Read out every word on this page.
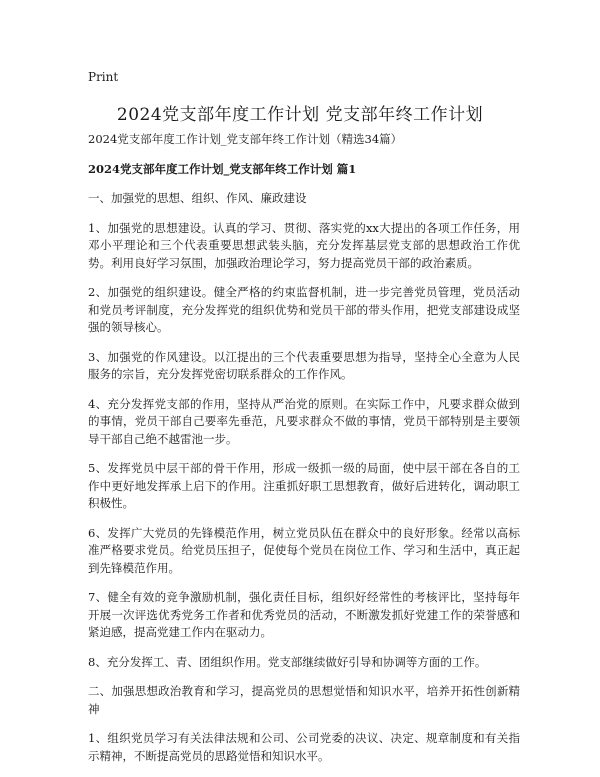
Print
2024党支部年度工作计划 党支部年终工作计划

2024党支部年度工作计划_党支部年终工作计划（精选34篇）

2024党支部年度工作计划_党支部年终工作计划 篇1

一、加强党的思想、组织、作风、廉政建设

1、加强党的思想建设。认真的学习、贯彻、落实党的xx大提出的各项工作任务，用邓小平理论和三个代表重要思想武装头脑，充分发挥基层党支部的思想政治工作优势。利用良好学习氛围，加强政治理论学习，努力提高党员干部的政治素质。

2、加强党的组织建设。健全严格的约束监督机制，进一步完善党员管理，党员活动和党员考评制度，充分发挥党的组织优势和党员干部的带头作用，把党支部建设成坚强的领导核心。

3、加强党的作风建设。以江提出的三个代表重要思想为指导，坚持全心全意为人民服务的宗旨，充分发挥党密切联系群众的工作作风。

4、充分发挥党支部的作用，坚持从严治党的原则。在实际工作中，凡要求群众做到的事情，党员干部自己要率先垂范，凡要求群众不做的事情，党员干部特别是主要领导干部自己绝不越雷池一步。

5、发挥党员中层干部的骨干作用，形成一级抓一级的局面，使中层干部在各自的工作中更好地发挥承上启下的作用。注重抓好职工思想教育，做好后进转化，调动职工积极性。

6、发挥广大党员的先锋模范作用，树立党员队伍在群众中的良好形象。经常以高标准严格要求党员。给党员压担子，促使每个党员在岗位工作、学习和生活中，真正起到先锋模范作用。

7、健全有效的竞争激励机制，强化责任目标，组织好经常性的考核评比，坚持每年开展一次评选优秀党务工作者和优秀党员的活动，不断激发抓好党建工作的荣誉感和紧迫感，提高党建工作内在驱动力。

8、充分发挥工、青、团组织作用。党支部继续做好引导和协调等方面的工作。

二、加强思想政治教育和学习，提高党员的思想觉悟和知识水平，培养开拓性创新精神

1、组织党员学习有关法律法规和公司、公司党委的决议、决定、规章制度和有关指示精神，不断提高党员的思路觉悟和知识水平。
